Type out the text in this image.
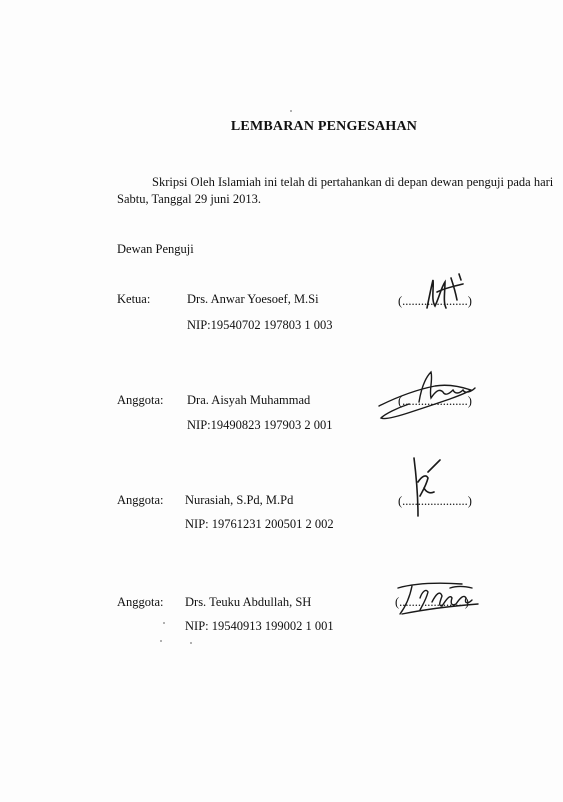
LEMBARAN PENGESAHAN
Skripsi Oleh Islamiah ini telah di pertahankan di depan dewan penguji pada hari
Sabtu, Tanggal 29 juni 2013.
Dewan Penguji
Ketua:	Drs. Anwar Yoesoef, M.Si
NIP:19540702 197803 1 003
(.....................)
Anggota: Dra. Aisyah Muhammad
NIP:19490823 197903 2 001
(.....................)
Anggota: Nurasiah, S.Pd, M.Pd
NIP: 19761231 200501 2 002
(.....................)
Anggota: Drs. Teuku Abdullah, SH
NIP: 19540913 199002 1 001
(.....................)
